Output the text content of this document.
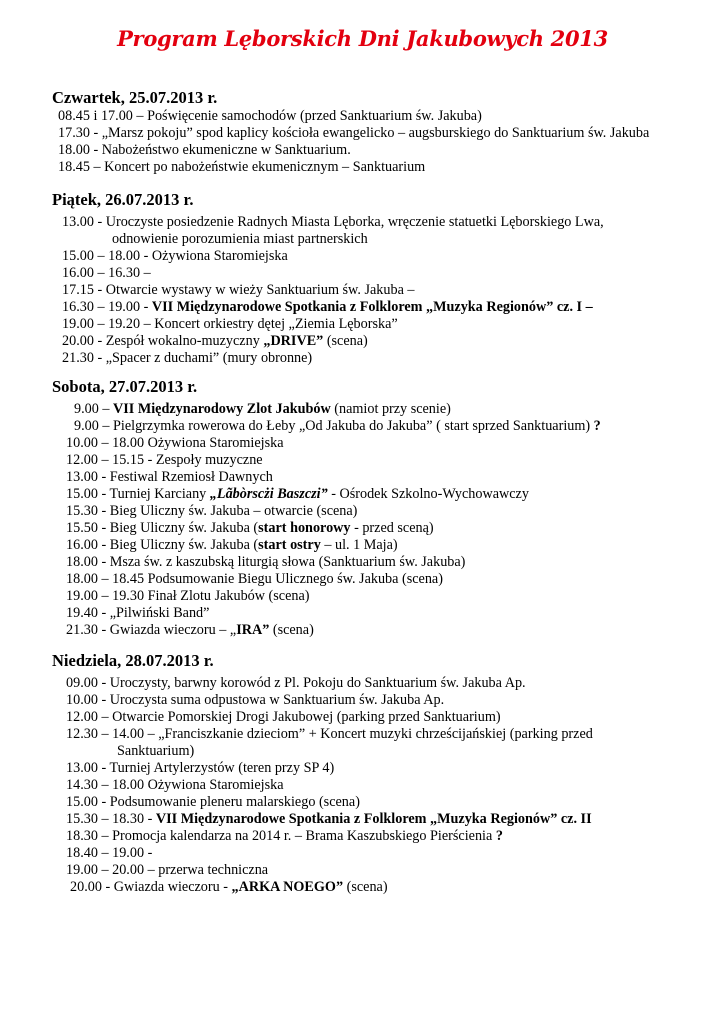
Program Lęborskich Dni Jakubowych 2013
Czwartek, 25.07.2013 r.
08.45 i 17.00 – Poświęcenie samochodów (przed Sanktuarium św. Jakuba)
17.30 - „Marsz pokoju” spod kaplicy kościoła ewangelicko – augsburskiego do Sanktuarium św. Jakuba
18.00 - Nabożeństwo ekumeniczne w Sanktuarium.
18.45 – Koncert po nabożeństwie ekumenicznym – Sanktuarium
Piątek, 26.07.2013 r.
13.00 - Uroczyste posiedzenie Radnych Miasta Lęborka, wręczenie statuetki Lęborskiego Lwa,
odnowienie porozumienia miast partnerskich
15.00 – 18.00 - Ożywiona Staromiejska
16.00 – 16.30 –
17.15 - Otwarcie wystawy w wieży Sanktuarium św. Jakuba –
16.30 – 19.00 - VII Międzynarodowe Spotkania z Folklorem „Muzyka Regionów” cz. I –
19.00 – 19.20 – Koncert orkiestry dętej „Ziemia Lęborska”
20.00 - Zespół wokalno-muzyczny „DRIVE” (scena)
21.30 - „Spacer z duchami” (mury obronne)
Sobota, 27.07.2013 r.
9.00 – VII Międzynarodowy Zlot Jakubów (namiot przy scenie)
9.00 – Pielgrzymka rowerowa do Łeby „Od Jakuba do Jakuba” ( start sprzed Sanktuarium) ?
10.00 – 18.00 Ożywiona Staromiejska
12.00 – 15.15 - Zespoły muzyczne
13.00 - Festiwal Rzemiosł Dawnych
15.00 - Turniej Karciany „Lãbòrscżi Baszczi” - Ośrodek Szkolno-Wychowawczy
15.30 - Bieg Uliczny św. Jakuba – otwarcie (scena)
15.50 - Bieg Uliczny św. Jakuba (start honorowy - przed sceną)
16.00 - Bieg Uliczny św. Jakuba (start ostry – ul. 1 Maja)
18.00 - Msza św. z kaszubską liturgią słowa (Sanktuarium św. Jakuba)
18.00 – 18.45 Podsumowanie Biegu Ulicznego św. Jakuba (scena)
19.00 – 19.30 Finał Zlotu Jakubów (scena)
19.40 - „Pilwiński Band”
21.30 - Gwiazda wieczoru – „IRA” (scena)
Niedziela, 28.07.2013 r.
09.00 - Uroczysty, barwny korowód z Pl. Pokoju do Sanktuarium św. Jakuba Ap.
10.00 - Uroczysta suma odpustowa w Sanktuarium św. Jakuba Ap.
12.00 – Otwarcie Pomorskiej Drogi Jakubowej (parking przed Sanktuarium)
12.30 – 14.00 – „Franciszkanie dzieciom” + Koncert muzyki chrześcijańskiej (parking przed
Sanktuarium)
13.00 - Turniej Artylerzystów (teren przy SP 4)
14.30 – 18.00 Ożywiona Staromiejska
15.00 - Podsumowanie pleneru malarskiego (scena)
15.30 – 18.30 - VII Międzynarodowe Spotkania z Folklorem „Muzyka Regionów” cz. II
18.30 – Promocja kalendarza na 2014 r. – Brama Kaszubskiego Pierścienia ?
18.40 – 19.00 -
19.00 – 20.00 – przerwa techniczna
20.00 - Gwiazda wieczoru - „ARKA NOEGO” (scena)
